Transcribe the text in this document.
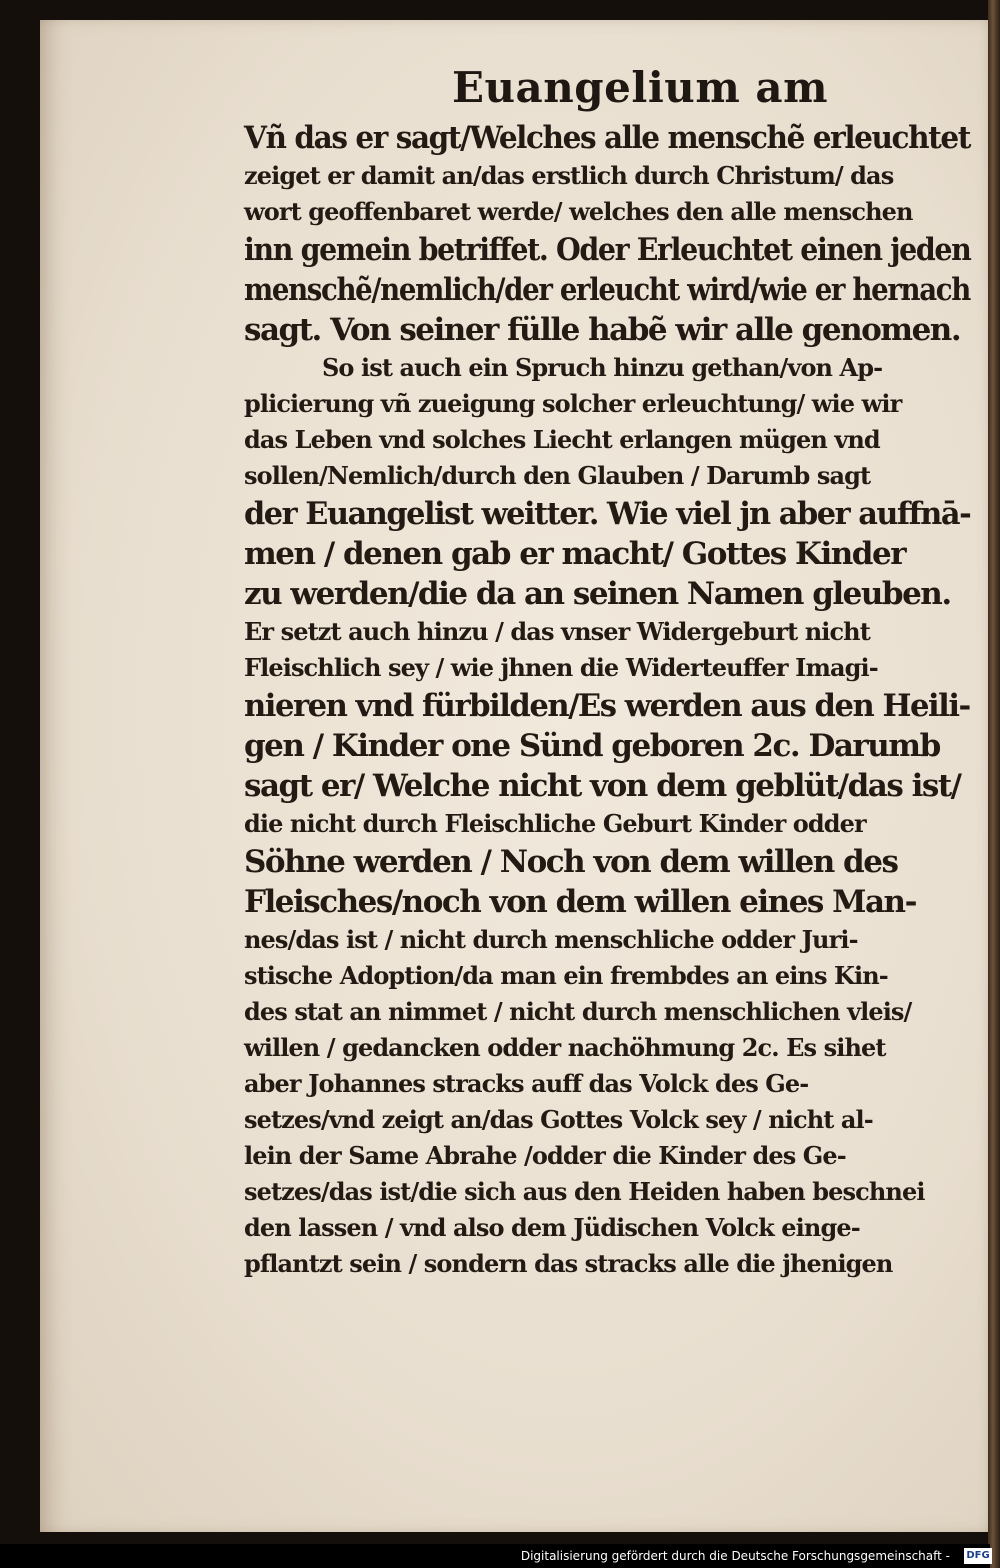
Euangelium am
Vñ das er sagt/Welches alle menschẽ erleuchtet
zeiget er damit an/das erstlich durch Christum/ das
wort geoffenbaret werde/ welches den alle menschen
inn gemein betriffet. Oder Erleuchtet einen jeden
menschẽ/nemlich/der erleucht wird/wie er hernach
sagt. Von seiner fülle habẽ wir alle genomen.
So ist auch ein Spruch hinzu gethan/von Ap‑
plicierung vñ zueigung solcher erleuchtung/ wie wir
das Leben vnd solches Liecht erlangen mügen vnd
sollen/Nemlich/durch den Glauben / Darumb sagt
der Euangelist weitter. Wie viel jn aber auffnā‑
men / denen gab er macht/ Gottes Kinder
zu werden/die da an seinen Namen gleuben.
Er setzt auch hinzu / das vnser Widergeburt nicht
Fleischlich sey / wie jhnen die Widerteuffer Imagi‑
nieren vnd fürbilden/Es werden aus den Heili‑
gen / Kinder one Sünd geboren 2c. Darumb
sagt er/ Welche nicht von dem geblüt/das ist/
die nicht durch Fleischliche Geburt Kinder odder
Söhne werden / Noch von dem willen des
Fleisches/noch von dem willen eines Man‑
nes/das ist / nicht durch menschliche odder Juri‑
stische Adoption/da man ein frembdes an eins Kin‑
des stat an nimmet / nicht durch menschlichen vleis/
willen / gedancken odder nachöhmung 2c. Es sihet
aber Johannes stracks auff das Volck des Ge‑
setzes/vnd zeigt an/das Gottes Volck sey / nicht al‑
lein der Same Abrahe /odder die Kinder des Ge‑
setzes/das ist/die sich aus den Heiden haben beschnei
den lassen / vnd also dem Jüdischen Volck einge‑
pflantzt sein / sondern das stracks alle die jhenigen
Digitalisierung gefördert durch die Deutsche Forschungsgemeinschaft -	DFG
